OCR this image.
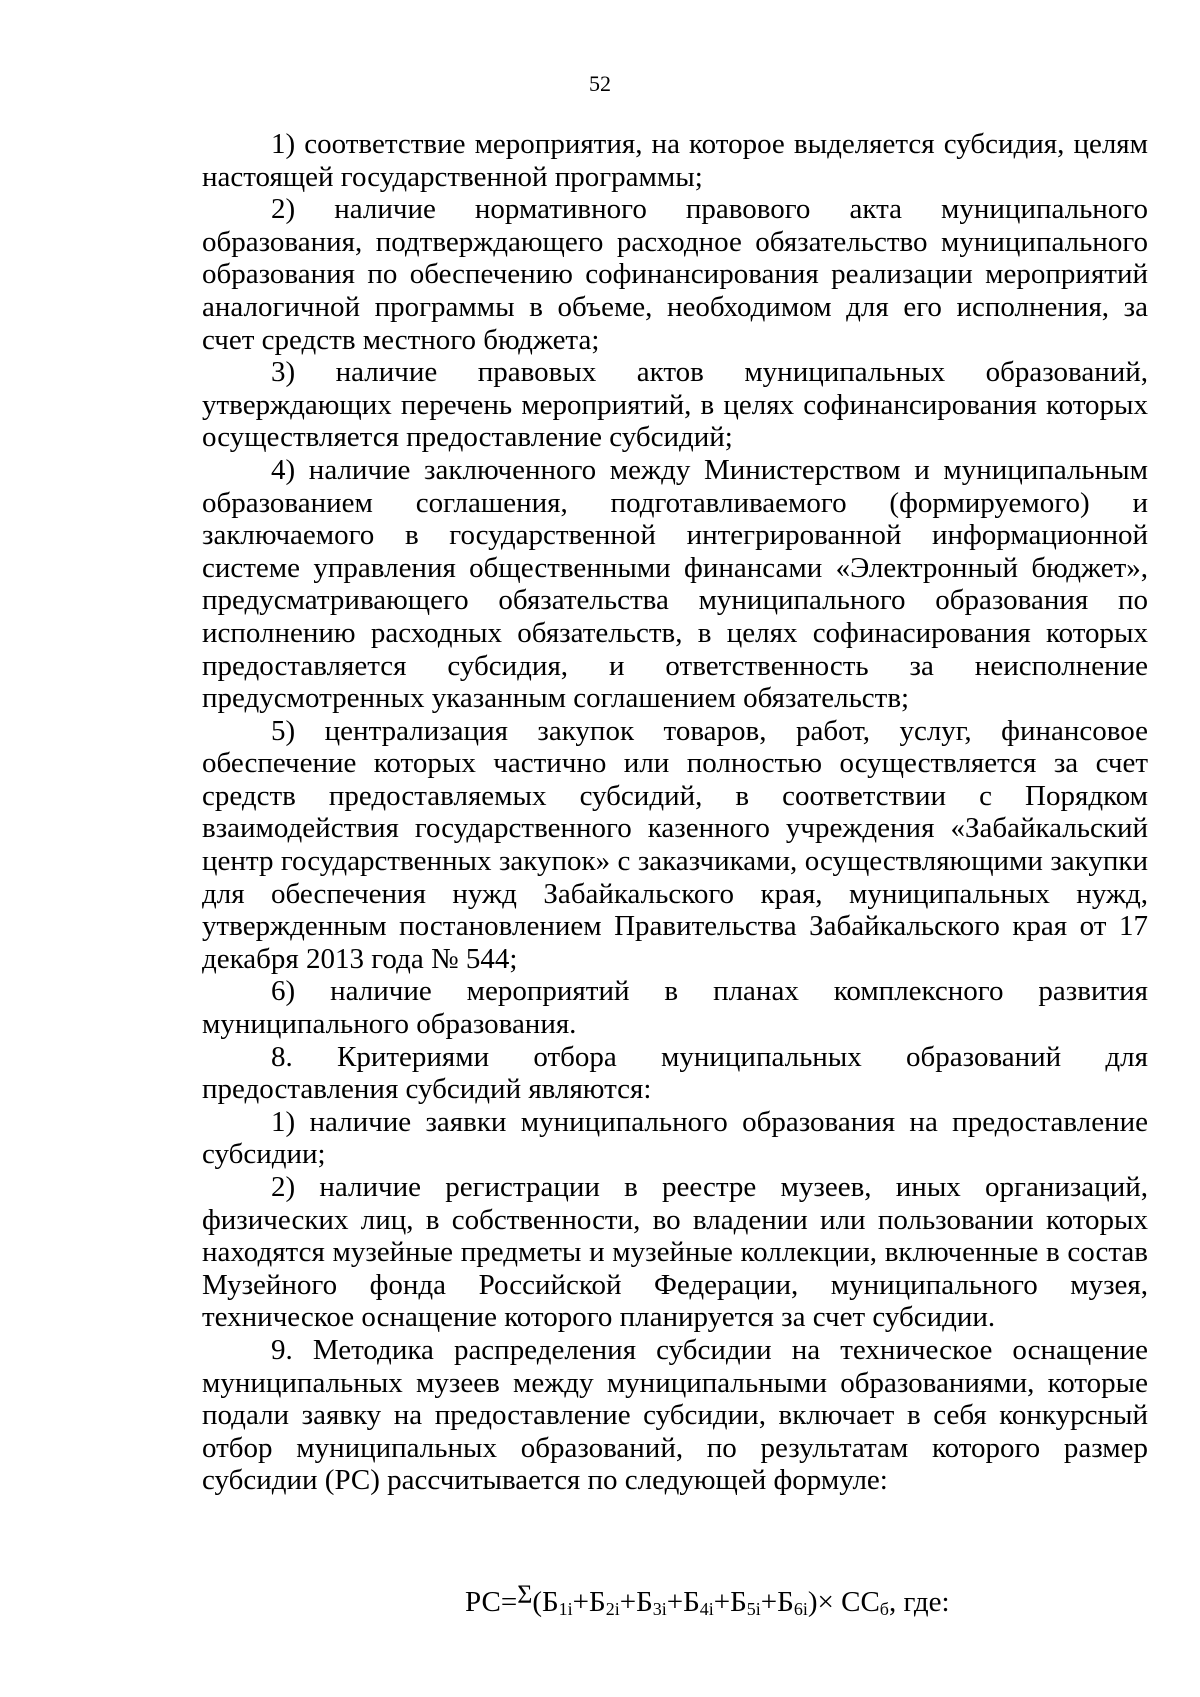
52

1) соответствие мероприятия, на которое выделяется субсидия, целям настоящей государственной программы;

2) наличие нормативного правового акта муниципального образования, подтверждающего расходное обязательство муниципального образования по обеспечению софинансирования реализации мероприятий аналогичной программы в объеме, необходимом для его исполнения, за счет средств местного бюджета;

3) наличие правовых актов муниципальных образований, утверждающих перечень мероприятий, в целях софинансирования которых осуществляется предоставление субсидий;

4) наличие заключенного между Министерством и муниципальным образованием соглашения, подготавливаемого (формируемого) и заключаемого в государственной интегрированной информационной системе управления общественными финансами «Электронный бюджет», предусматривающего обязательства муниципального образования по исполнению расходных обязательств, в целях софинасирования которых предоставляется субсидия, и ответственность за неисполнение предусмотренных указанным соглашением обязательств;

5) централизация закупок товаров, работ, услуг, финансовое обеспечение которых частично или полностью осуществляется за счет средств предоставляемых субсидий, в соответствии с Порядком взаимодействия государственного казенного учреждения «Забайкальский центр государственных закупок» с заказчиками, осуществляющими закупки для обеспечения нужд Забайкальского края, муниципальных нужд, утвержденным постановлением Правительства Забайкальского края от 17 декабря 2013 года № 544;

6) наличие мероприятий в планах комплексного развития муниципального образования.

8. Критериями отбора муниципальных образований для предоставления субсидий являются:

1) наличие заявки муниципального образования на предоставление субсидии;

2) наличие регистрации в реестре музеев, иных организаций, физических лиц, в собственности, во владении или пользовании которых находятся музейные предметы и музейные коллекции, включенные в состав Музейного фонда Российской Федерации, муниципального музея, техническое оснащение которого планируется за счет субсидии.

9. Методика распределения субсидии на техническое оснащение муниципальных музеев между муниципальными образованиями, которые подали заявку на предоставление субсидии, включает в себя конкурсный отбор муниципальных образований, по результатам которого размер субсидии (РС) рассчитывается по следующей формуле:

$РС=\Sigma(Б_{1i}+Б_{2i}+Б_{3i}+Б_{4i}+Б_{5i}+Б_{6i})\times СС_б$, где:
